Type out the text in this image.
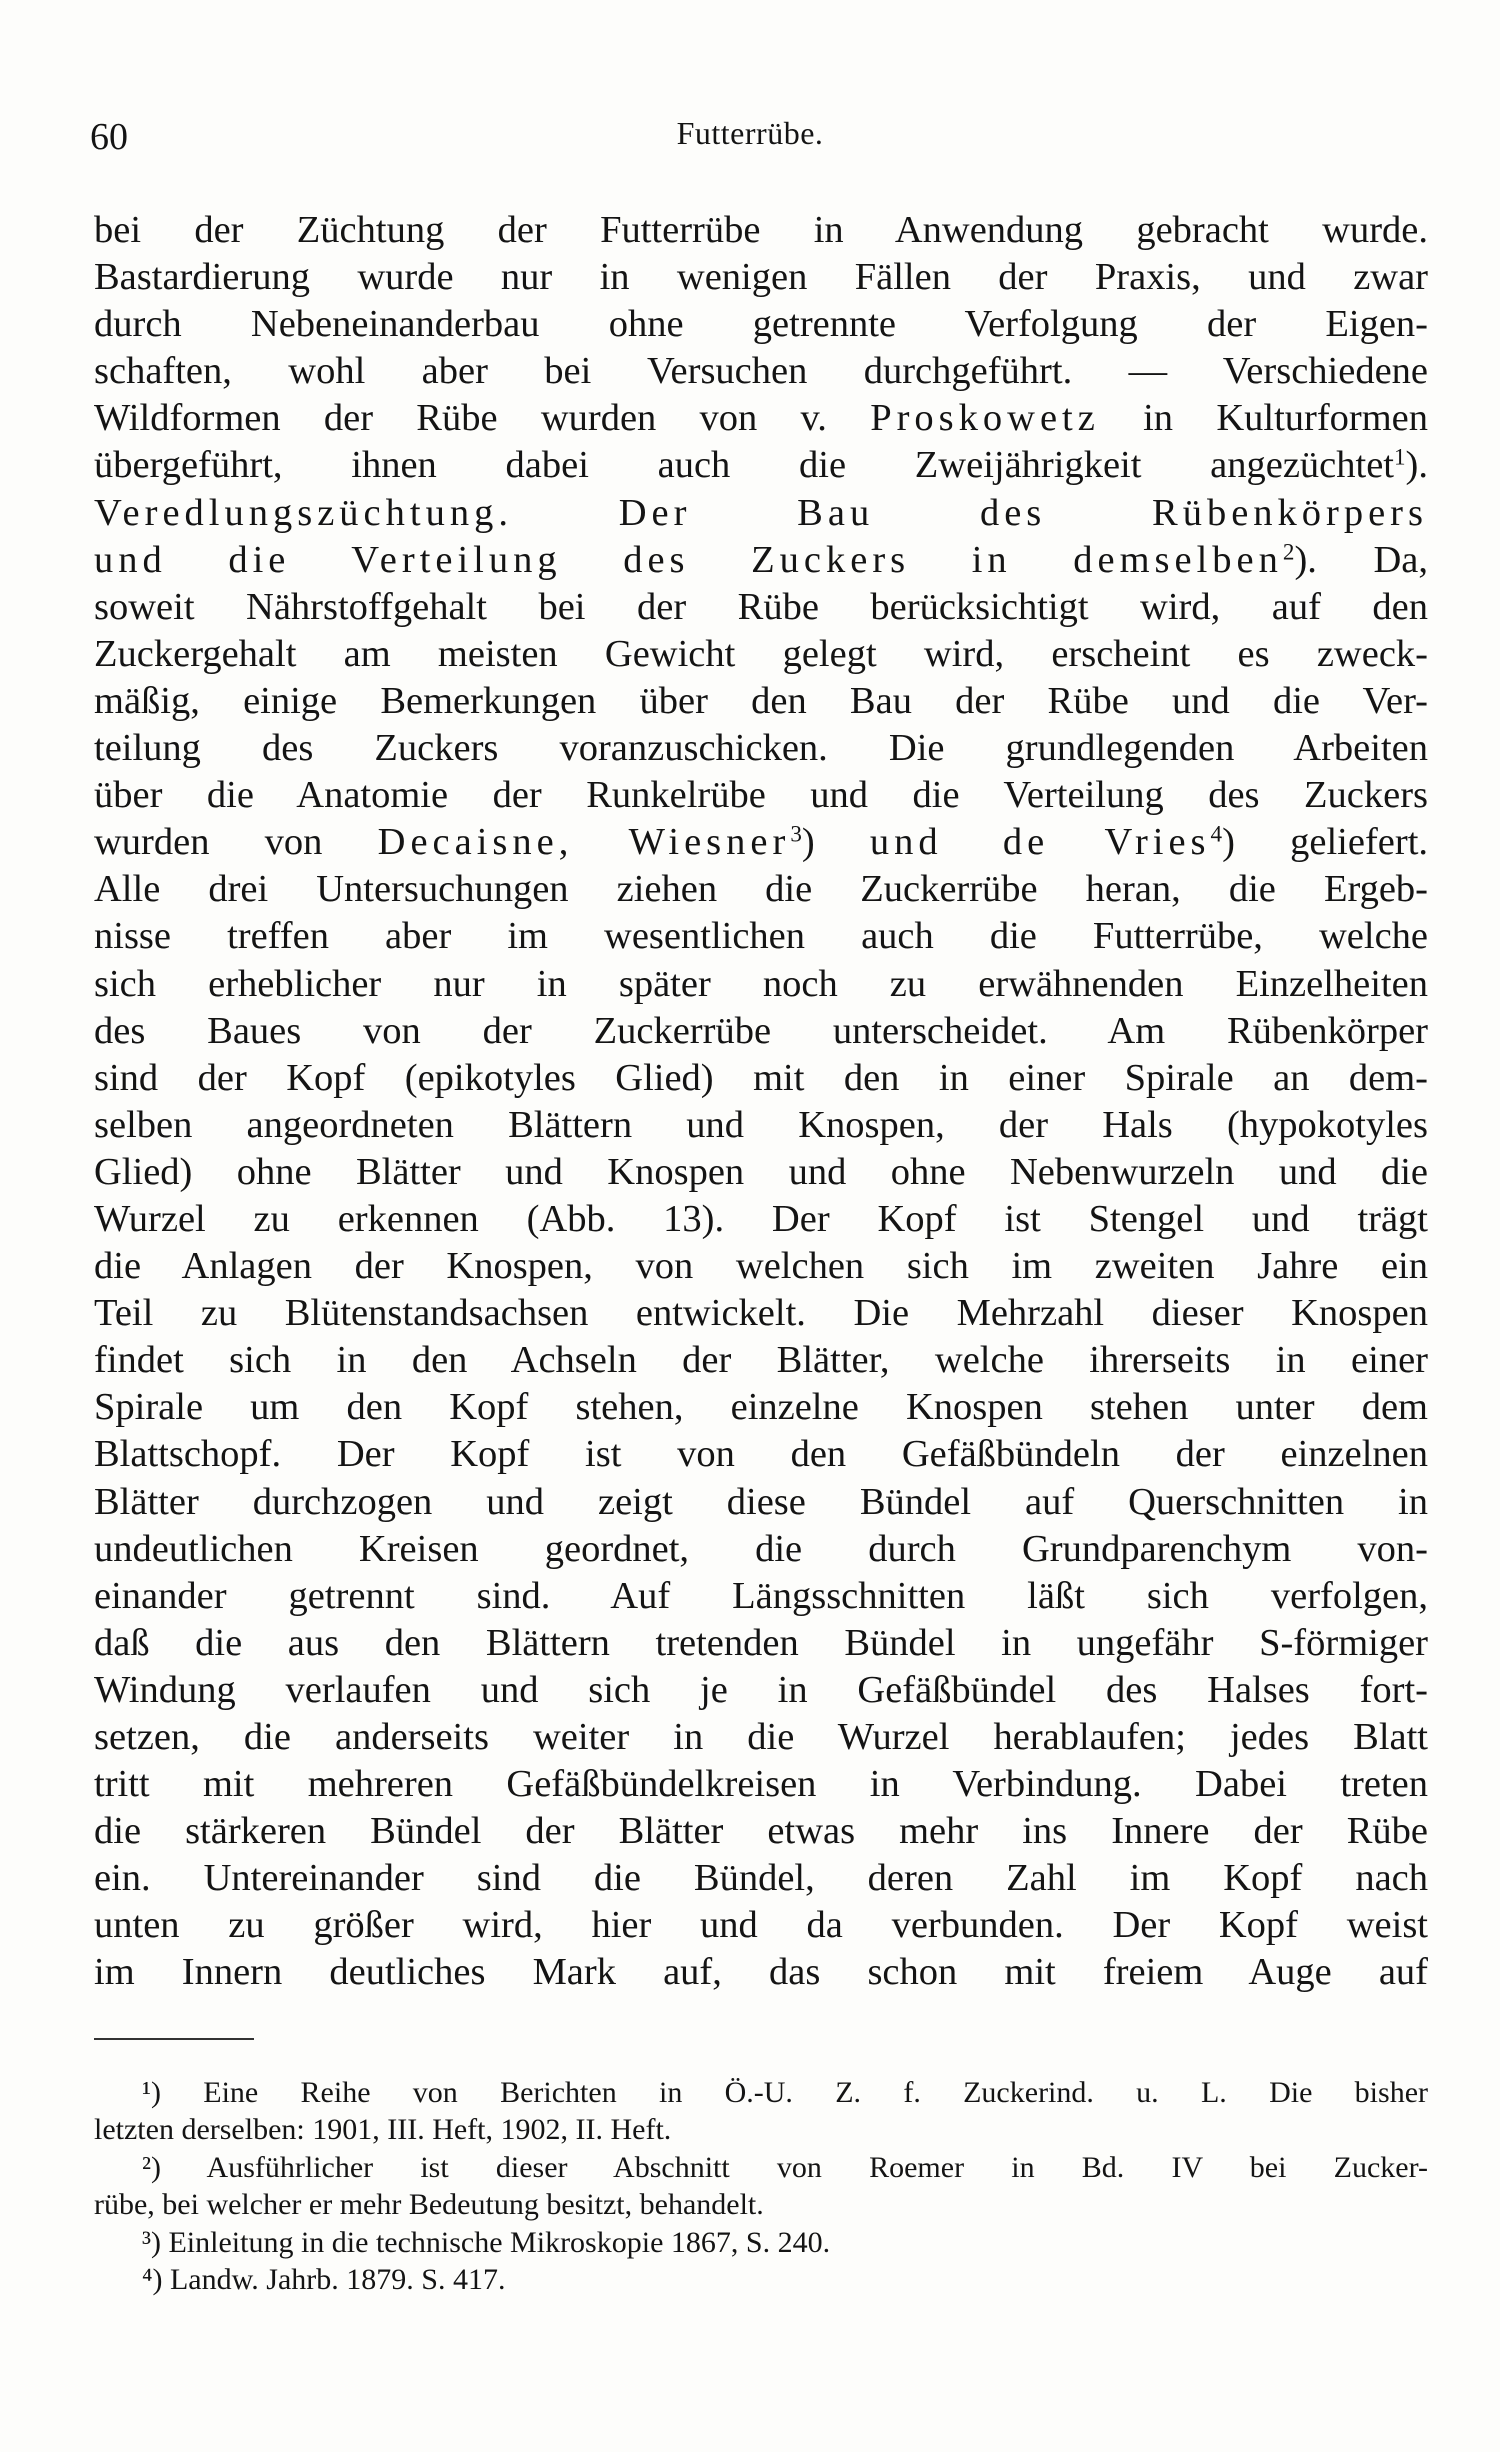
60	Futterrübe.
bei der Züchtung der Futterrübe in Anwendung gebracht wurde.
Bastardierung wurde nur in wenigen Fällen der Praxis, und zwar
durch Nebeneinanderbau ohne getrennte Verfolgung der Eigen-
schaften, wohl aber bei Versuchen durchgeführt. — Verschiedene
Wildformen der Rübe wurden von v. Proskowetz in Kulturformen
übergeführt, ihnen dabei auch die Zweijährigkeit angezüchtet$^1$).
Veredlungszüchtung. Der Bau des Rübenkörpers
und die Verteilung des Zuckers in demselben$^2$). Da,
soweit Nährstoffgehalt bei der Rübe berücksichtigt wird, auf den
Zuckergehalt am meisten Gewicht gelegt wird, erscheint es zweck-
mäßig, einige Bemerkungen über den Bau der Rübe und die Ver-
teilung des Zuckers voranzuschicken. Die grundlegenden Arbeiten
über die Anatomie der Runkelrübe und die Verteilung des Zuckers
wurden von Decaisne, Wiesner$^3$) und de Vries$^4$) geliefert.
Alle drei Untersuchungen ziehen die Zuckerrübe heran, die Ergeb-
nisse treffen aber im wesentlichen auch die Futterrübe, welche
sich erheblicher nur in später noch zu erwähnenden Einzelheiten
des Baues von der Zuckerrübe unterscheidet. Am Rübenkörper
sind der Kopf (epikotyles Glied) mit den in einer Spirale an dem-
selben angeordneten Blättern und Knospen, der Hals (hypokotyles
Glied) ohne Blätter und Knospen und ohne Nebenwurzeln und die
Wurzel zu erkennen (Abb. 13). Der Kopf ist Stengel und trägt
die Anlagen der Knospen, von welchen sich im zweiten Jahre ein
Teil zu Blütenstandsachsen entwickelt. Die Mehrzahl dieser Knospen
findet sich in den Achseln der Blätter, welche ihrerseits in einer
Spirale um den Kopf stehen, einzelne Knospen stehen unter dem
Blattschopf. Der Kopf ist von den Gefäßbündeln der einzelnen
Blätter durchzogen und zeigt diese Bündel auf Querschnitten in
undeutlichen Kreisen geordnet, die durch Grundparenchym von-
einander getrennt sind. Auf Längsschnitten läßt sich verfolgen,
daß die aus den Blättern tretenden Bündel in ungefähr S-förmiger
Windung verlaufen und sich je in Gefäßbündel des Halses fort-
setzen, die anderseits weiter in die Wurzel herablaufen; jedes Blatt
tritt mit mehreren Gefäßbündelkreisen in Verbindung. Dabei treten
die stärkeren Bündel der Blätter etwas mehr ins Innere der Rübe
ein. Untereinander sind die Bündel, deren Zahl im Kopf nach
unten zu größer wird, hier und da verbunden. Der Kopf weist
im Innern deutliches Mark auf, das schon mit freiem Auge auf
¹) Eine Reihe von Berichten in Ö.-U. Z. f. Zuckerind. u. L. Die bisher
letzten derselben: 1901, III. Heft, 1902, II. Heft.
²) Ausführlicher ist dieser Abschnitt von Roemer in Bd. IV bei Zucker-
rübe, bei welcher er mehr Bedeutung besitzt, behandelt.
³) Einleitung in die technische Mikroskopie 1867, S. 240.
⁴) Landw. Jahrb. 1879. S. 417.
